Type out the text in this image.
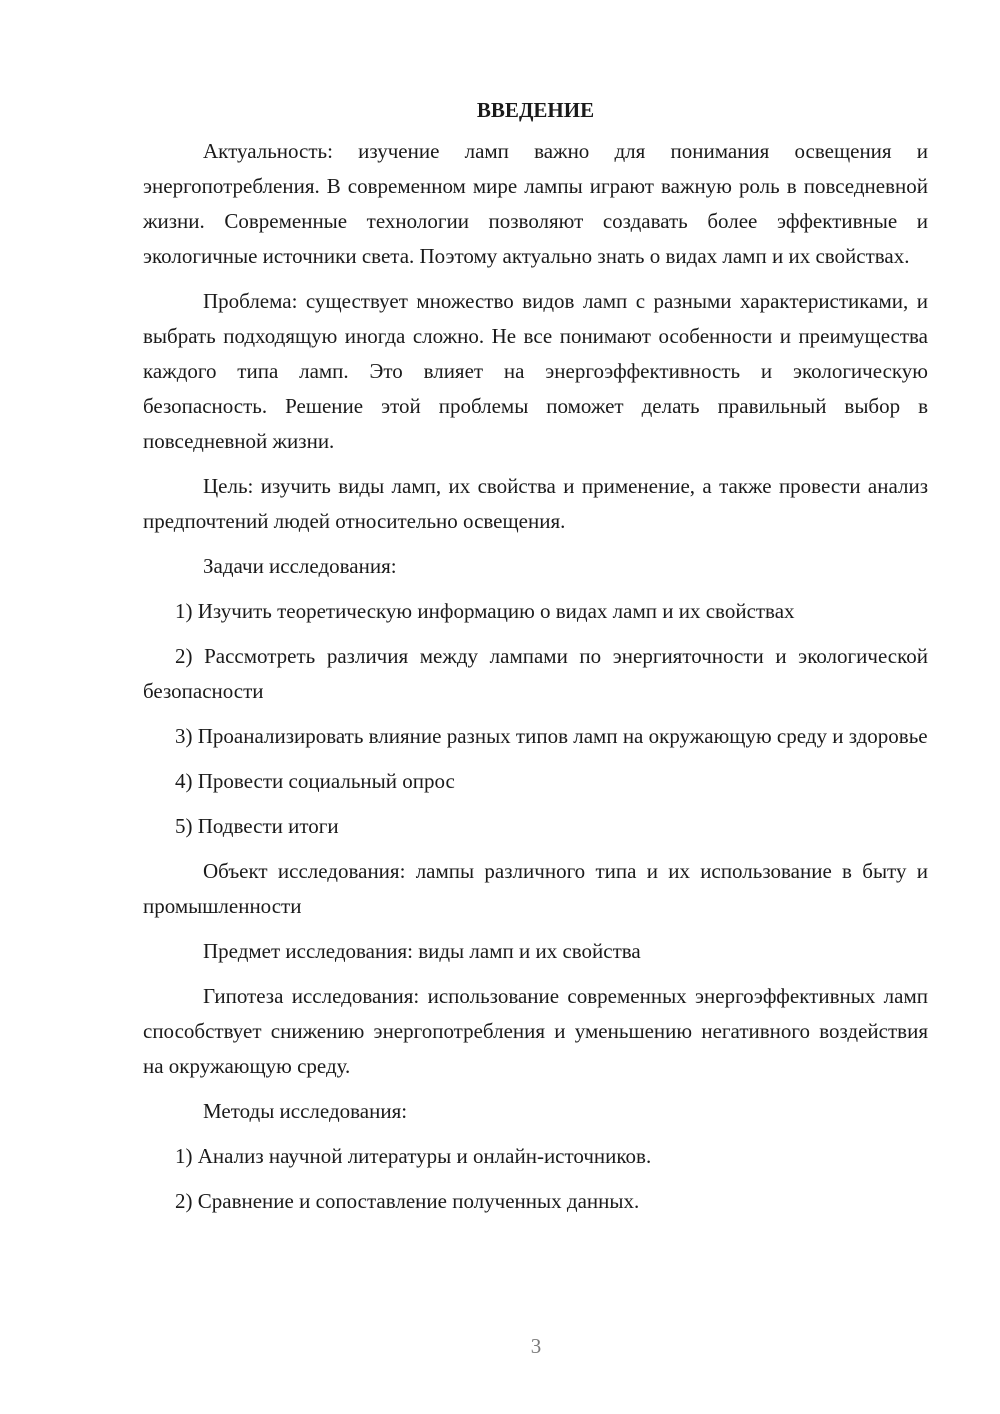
ВВЕДЕНИЕ

Актуальность: изучение ламп важно для понимания освещения и энергопотребления. В современном мире лампы играют важную роль в повседневной жизни. Современные технологии позволяют создавать более эффективные и экологичные источники света. Поэтому актуально знать о видах ламп и их свойствах.

Проблема: существует множество видов ламп с разными характеристиками, и выбрать подходящую иногда сложно. Не все понимают особенности и преимущества каждого типа ламп. Это влияет на энергоэффективность и экологическую безопасность. Решение этой проблемы поможет делать правильный выбор в повседневной жизни.

Цель: изучить виды ламп, их свойства и применение, а также провести анализ предпочтений людей относительно освещения.

Задачи исследования:

1) Изучить теоретическую информацию о видах ламп и их свойствах

2) Рассмотреть различия между лампами по энергияточности и экологической безопасности

3) Проанализировать влияние разных типов ламп на окружающую среду и здоровье

4) Провести социальный опрос

5) Подвести итоги

Объект исследования: лампы различного типа и их использование в быту и промышленности

Предмет исследования: виды ламп и их свойства

Гипотеза исследования: использование современных энергоэффективных ламп способствует снижению энергопотребления и уменьшению негативного воздействия на окружающую среду.

Методы исследования:

1) Анализ научной литературы и онлайн-источников.

2) Сравнение и сопоставление полученных данных.

3
